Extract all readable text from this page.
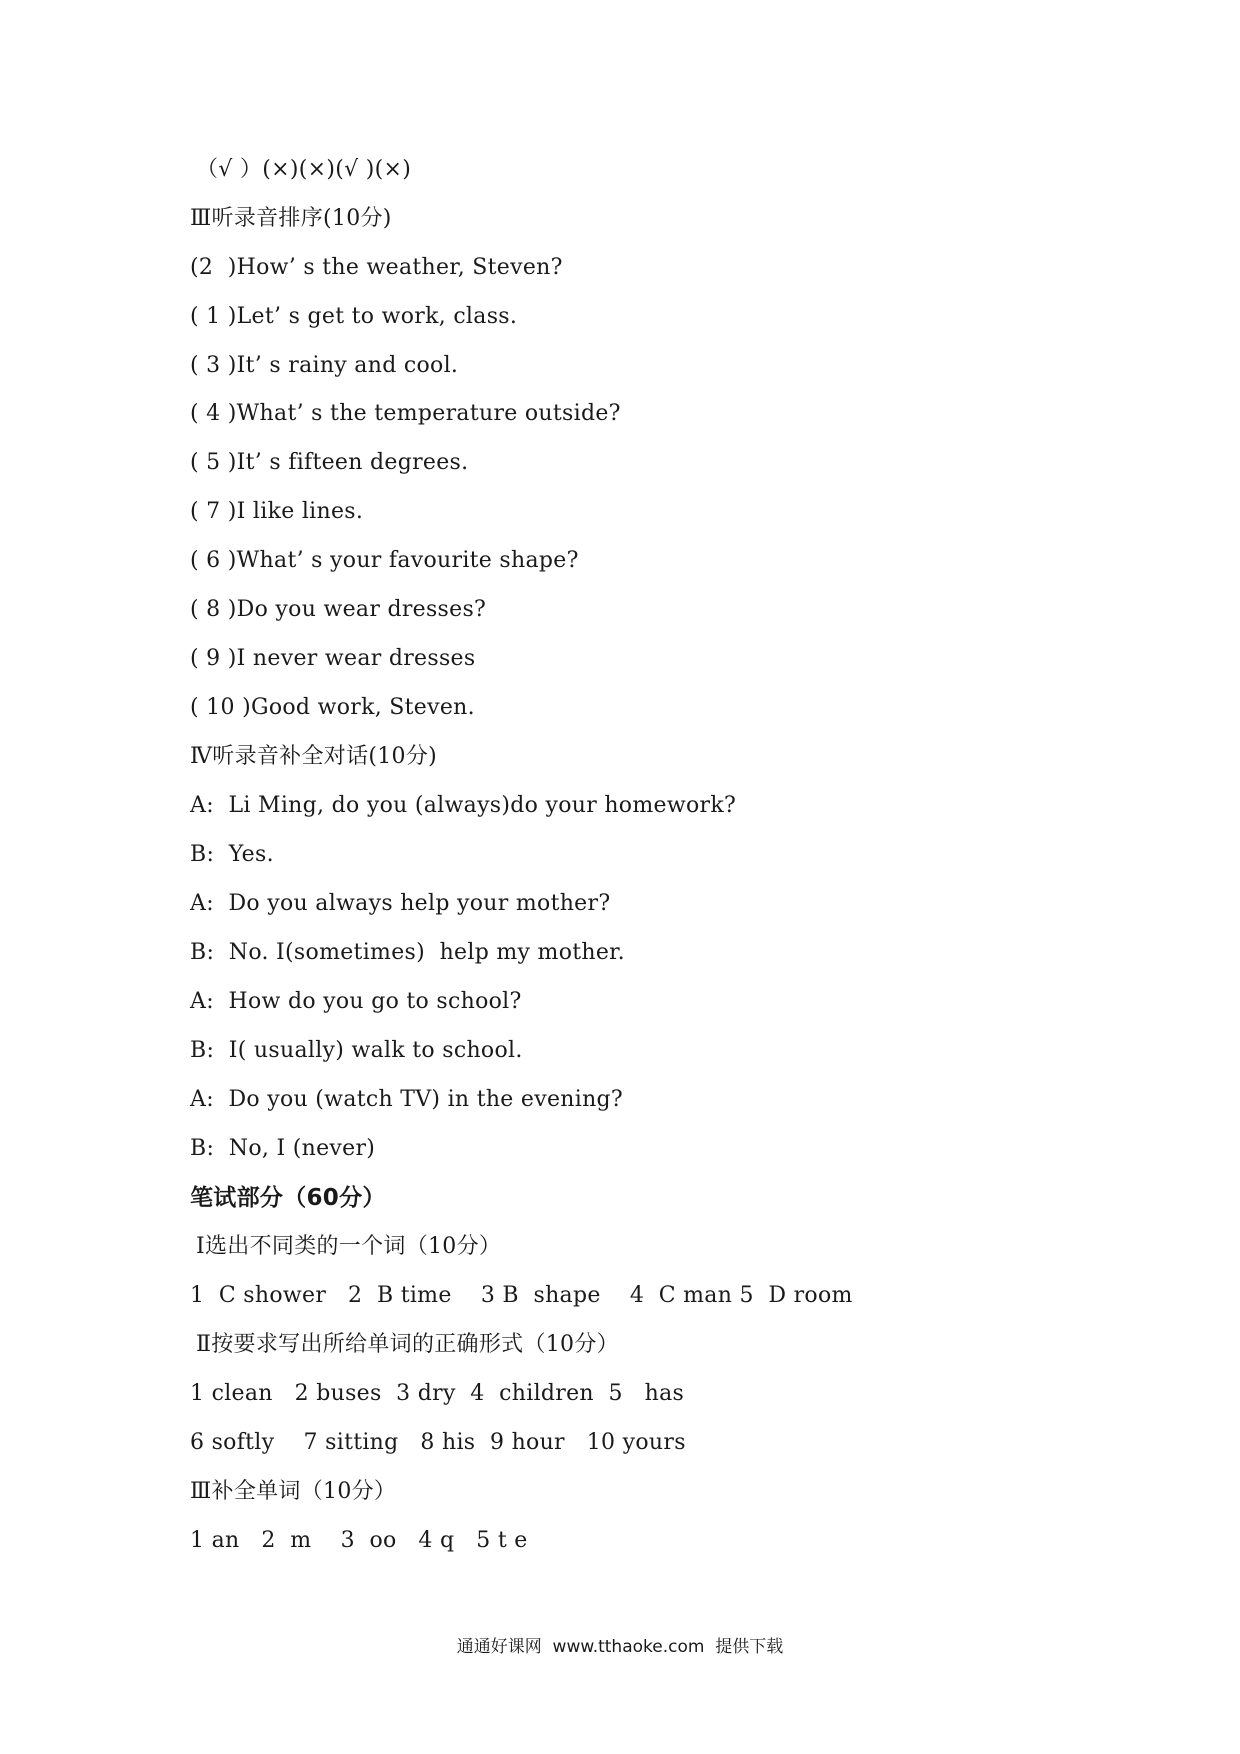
（√ ）(×)(×)(√ )(×)
Ⅲ听录音排序(10分)
(2  )How’ s the weather, Steven?
( 1 )Let’ s get to work, class.
( 3 )It’ s rainy and cool.
( 4 )What’ s the temperature outside?
( 5 )It’ s fifteen degrees.
( 7 )I like lines.
( 6 )What’ s your favourite shape?
( 8 )Do you wear dresses?
( 9 )I never wear dresses
( 10 )Good work, Steven.
Ⅳ听录音补全对话(10分)
A:  Li Ming, do you (always)do your homework?
B:  Yes.
A:  Do you always help your mother?
B:  No. I(sometimes)  help my mother.
A:  How do you go to school?
B:  I( usually) walk to school.
A:  Do you (watch TV) in the evening?
B:  No, I (never)
笔试部分（60分）
Ⅰ选出不同类的一个词（10分）
1  C shower   2  B time    3 B  shape    4  C man 5  D room
Ⅱ按要求写出所给单词的正确形式（10分）
1 clean   2 buses  3 dry  4  children  5   has
6 softly    7 sitting   8 his  9 hour   10 yours
Ⅲ补全单词（10分）
1 an   2  m    3  oo   4 q   5 t e
通通好课网  www.tthaoke.com  提供下载
